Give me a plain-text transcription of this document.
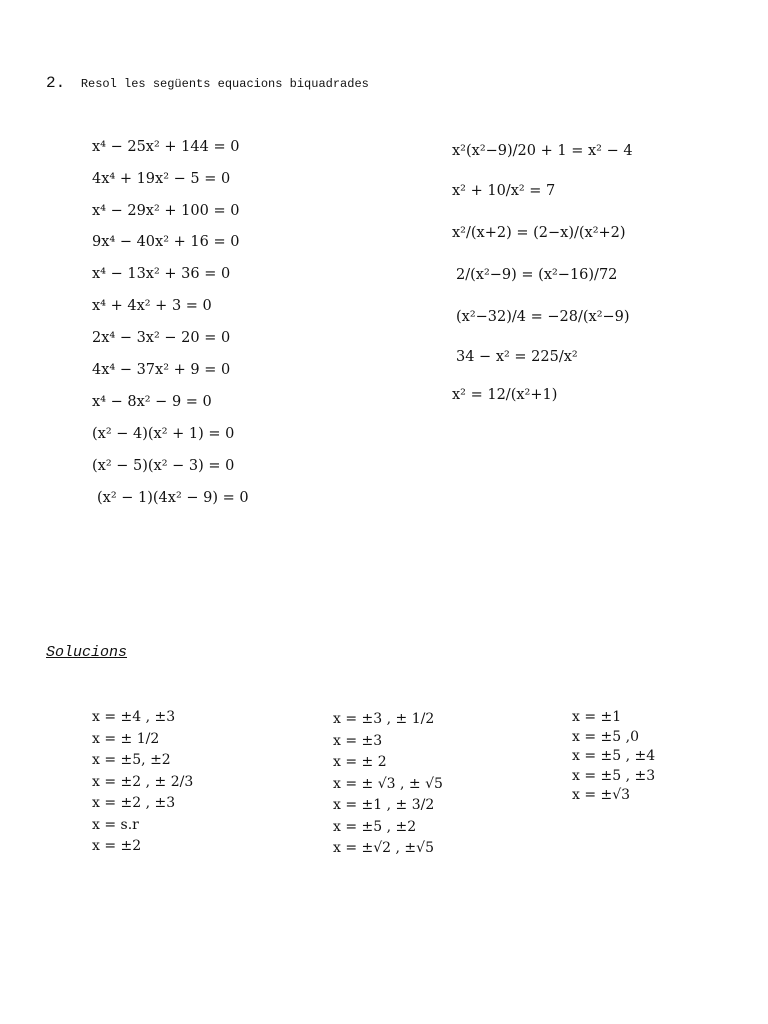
2. Resol les següents equacions biquadrades
x⁴ − 25x² + 144 = 0
4x⁴ + 19x² − 5 = 0
x⁴ − 29x² + 100 = 0
9x⁴ − 40x² + 16 = 0
x⁴ − 13x² + 36 = 0
x⁴ + 4x² + 3 = 0
2x⁴ − 3x² − 20 = 0
4x⁴ − 37x² + 9 = 0
x⁴ − 8x² − 9 = 0
(x² − 4)(x² + 1) = 0
(x² − 5)(x² − 3) = 0
(x² − 1)(4x² − 9) = 0
x²(x²−9)/20 + 1 = x² − 4
x² + 10/x² = 7
x²/(x+2) = (2−x)/(x²+2)
2/(x²−9) = (x²−16)/72
(x²−32)/4 = −28/(x²−9)
34 − x² = 225/x²
x² = 12/(x²+1)
Solucions
x = ±4 , ±3
x = ± 1/2
x = ±5, ±2
x = ±2 , ± 2/3
x = ±2 , ±3
x = s.r
x = ±2
x = ±3 , ± 1/2
x = ±3
x = ± 2
x = ± √3 , ± √5
x = ±1 , ± 3/2
x = ±5 , ±2
x = ±√2 , ±√5
x = ±1
x = ±5 ,0
x = ±5 , ±4
x = ±5 , ±3
x = ±√3
